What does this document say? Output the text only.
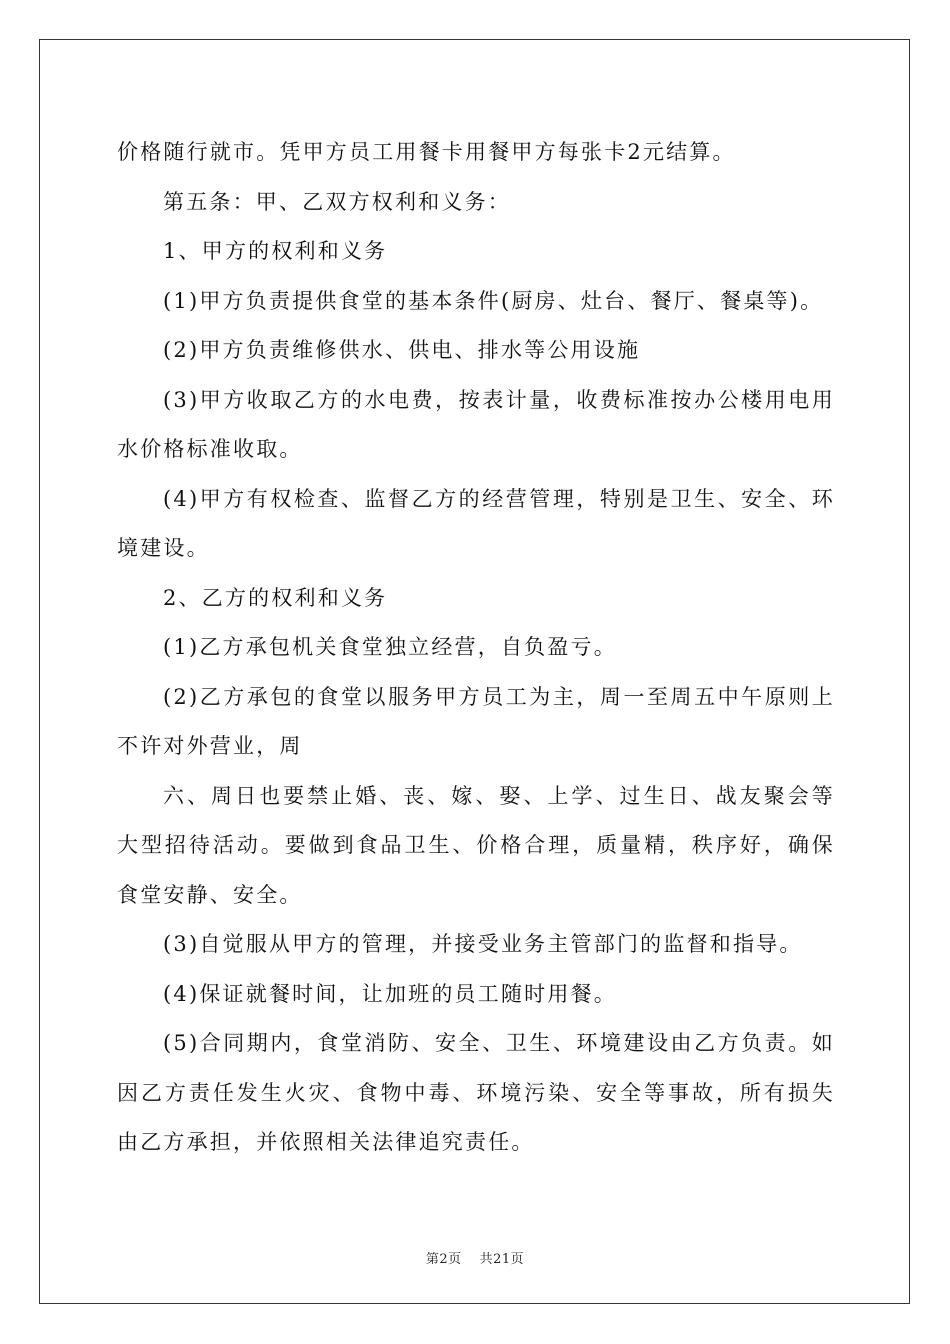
价格随行就市。凭甲方员工用餐卡用餐甲方每张卡2元结算。

第五条：甲、乙双方权利和义务：

1、甲方的权利和义务

(1)甲方负责提供食堂的基本条件(厨房、灶台、餐厅、餐桌等)。

(2)甲方负责维修供水、供电、排水等公用设施

(3)甲方收取乙方的水电费，按表计量，收费标准按办公楼用电用水价格标准收取。

(4)甲方有权检查、监督乙方的经营管理，特别是卫生、安全、环境建设。

2、乙方的权利和义务

(1)乙方承包机关食堂独立经营，自负盈亏。

(2)乙方承包的食堂以服务甲方员工为主，周一至周五中午原则上不许对外营业，周

六、周日也要禁止婚、丧、嫁、娶、上学、过生日、战友聚会等大型招待活动。要做到食品卫生、价格合理，质量精，秩序好，确保食堂安静、安全。

(3)自觉服从甲方的管理，并接受业务主管部门的监督和指导。

(4)保证就餐时间，让加班的员工随时用餐。

(5)合同期内，食堂消防、安全、卫生、环境建设由乙方负责。如因乙方责任发生火灾、食物中毒、环境污染、安全等事故，所有损失由乙方承担，并依照相关法律追究责任。

第2页 共21页
